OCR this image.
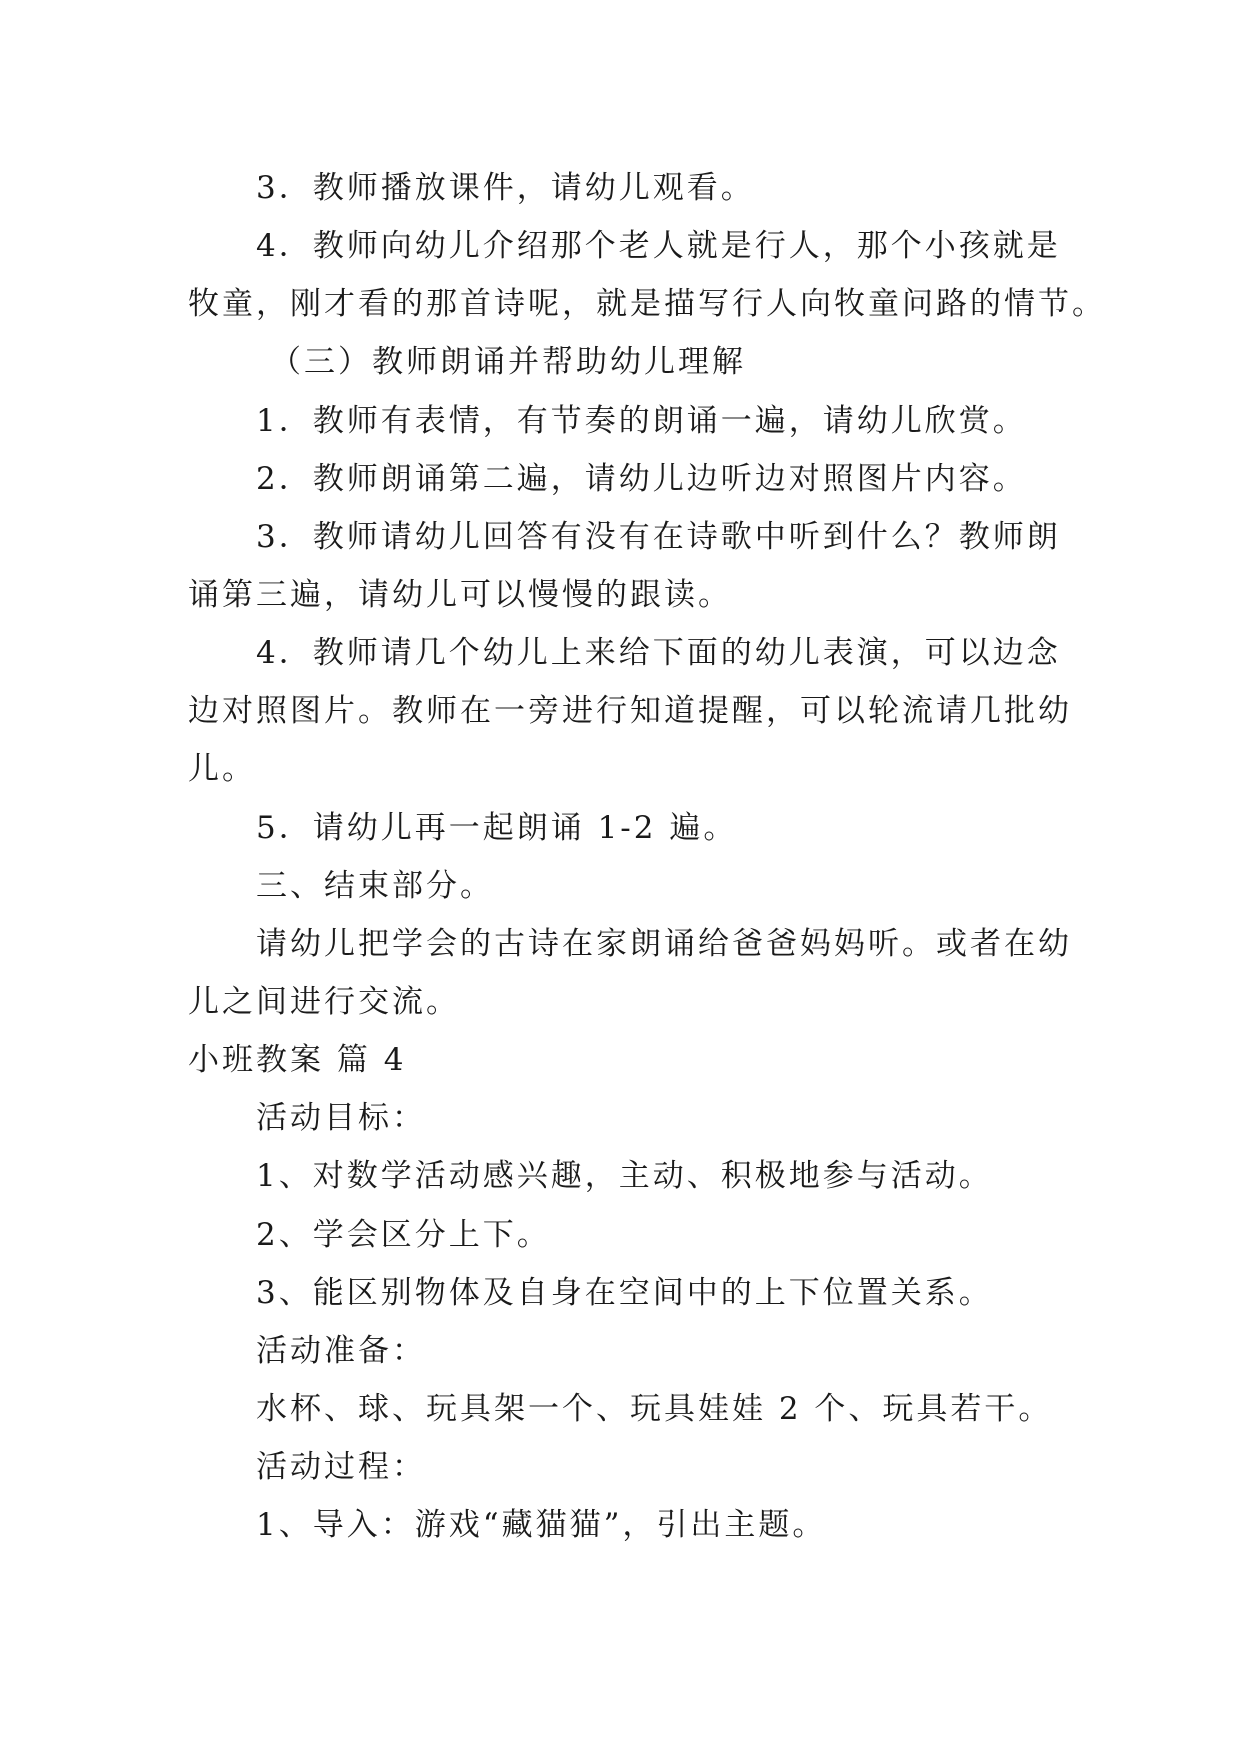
3．教师播放课件，请幼儿观看。

4．教师向幼儿介绍那个老人就是行人，那个小孩就是

牧童，刚才看的那首诗呢，就是描写行人向牧童问路的情节。

（三）教师朗诵并帮助幼儿理解

1．教师有表情，有节奏的朗诵一遍，请幼儿欣赏。

2．教师朗诵第二遍，请幼儿边听边对照图片内容。

3．教师请幼儿回答有没有在诗歌中听到什么？教师朗

诵第三遍，请幼儿可以慢慢的跟读。

4．教师请几个幼儿上来给下面的幼儿表演，可以边念

边对照图片。教师在一旁进行知道提醒，可以轮流请几批幼

儿。

5．请幼儿再一起朗诵 1-2 遍。

三、结束部分。

请幼儿把学会的古诗在家朗诵给爸爸妈妈听。或者在幼

儿之间进行交流。

小班教案 篇 4

活动目标：

1、对数学活动感兴趣，主动、积极地参与活动。

2、学会区分上下。

3、能区别物体及自身在空间中的上下位置关系。

活动准备：

水杯、球、玩具架一个、玩具娃娃 2 个、玩具若干。

活动过程：

1、导入：游戏“藏猫猫”，引出主题。
